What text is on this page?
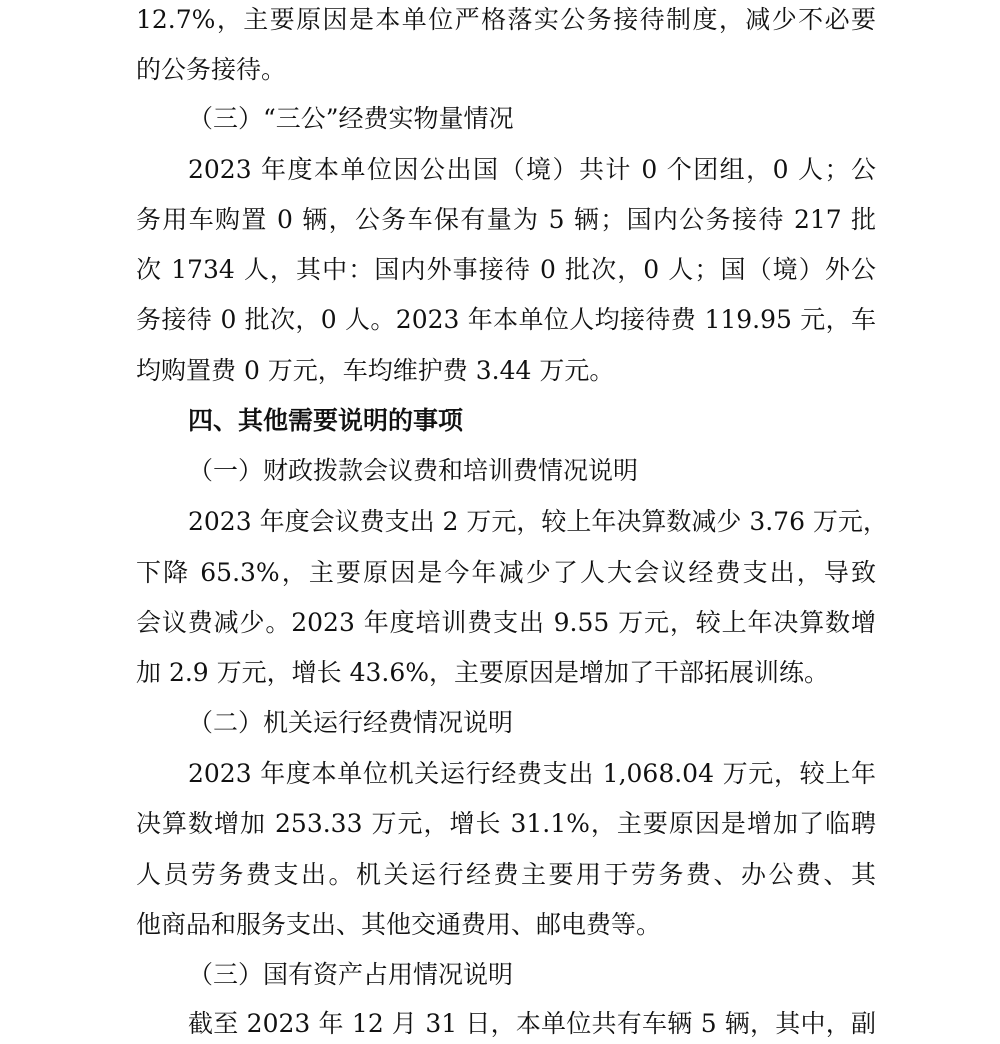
12.7%，主要原因是本单位严格落实公务接待制度，减少不必要
的公务接待。
（三）“三公”经费实物量情况
2023 年度本单位因公出国（境）共计 0 个团组，0 人；公
务用车购置 0 辆，公务车保有量为 5 辆；国内公务接待 217 批
次 1734 人，其中：国内外事接待 0 批次，0 人；国（境）外公
务接待 0 批次，0 人。2023 年本单位人均接待费 119.95 元，车
均购置费 0 万元，车均维护费 3.44 万元。
四、其他需要说明的事项
（一）财政拨款会议费和培训费情况说明
2023 年度会议费支出 2 万元，较上年决算数减少 3.76 万元，
下降 65.3%，主要原因是今年减少了人大会议经费支出，导致
会议费减少。2023 年度培训费支出 9.55 万元，较上年决算数增
加 2.9 万元，增长 43.6%，主要原因是增加了干部拓展训练。
（二）机关运行经费情况说明
2023 年度本单位机关运行经费支出 1,068.04 万元，较上年
决算数增加 253.33 万元，增长 31.1%，主要原因是增加了临聘
人员劳务费支出。机关运行经费主要用于劳务费、办公费、其
他商品和服务支出、其他交通费用、邮电费等。
（三）国有资产占用情况说明
截至 2023 年 12 月 31 日，本单位共有车辆 5 辆，其中，副
